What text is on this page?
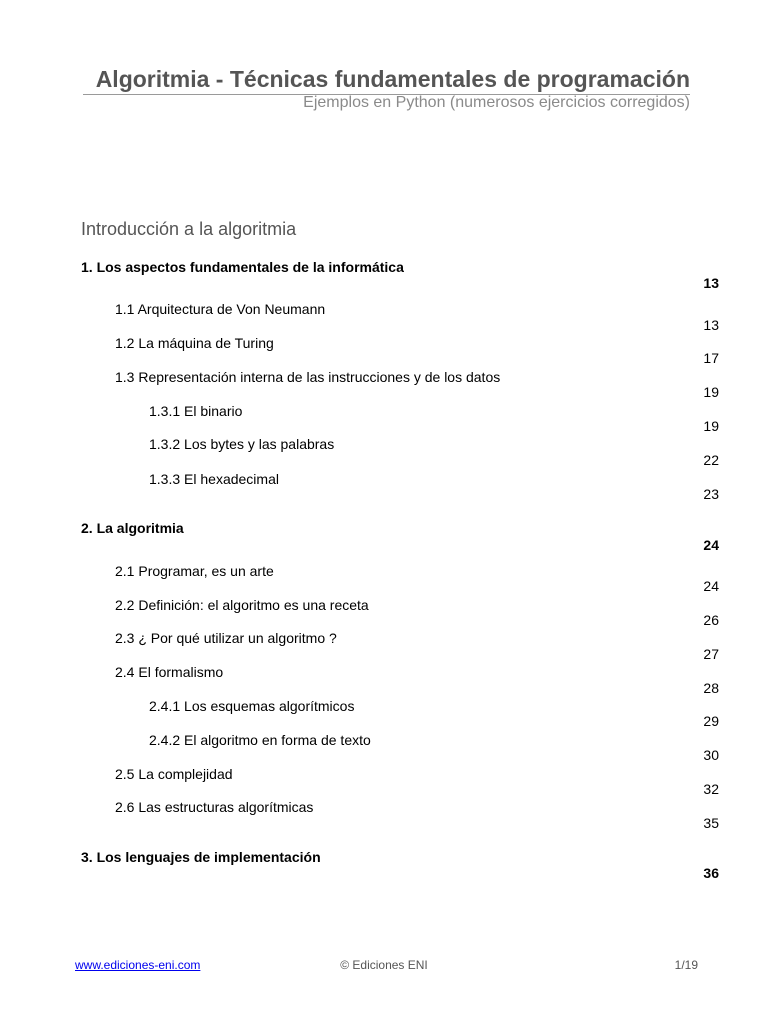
Algoritmia - Técnicas fundamentales de programación
Ejemplos en Python (numerosos ejercicios corregidos)
Introducción a la algoritmia
1. Los aspectos fundamentales de la informática
13
1.1 Arquitectura de Von Neumann
13
1.2 La máquina de Turing
17
1.3 Representación interna de las instrucciones y de los datos
19
1.3.1 El binario
19
1.3.2 Los bytes y las palabras
22
1.3.3 El hexadecimal
23
2. La algoritmia
24
2.1 Programar, es un arte
24
2.2 Definición: el algoritmo es una receta
26
2.3 ¿ Por qué utilizar un algoritmo ?
27
2.4 El formalismo
28
2.4.1 Los esquemas algorítmicos
29
2.4.2 El algoritmo en forma de texto
30
2.5 La complejidad
32
2.6 Las estructuras algorítmicas
35
3. Los lenguajes de implementación
36
www.ediciones-eni.com	© Ediciones ENI	1/19
